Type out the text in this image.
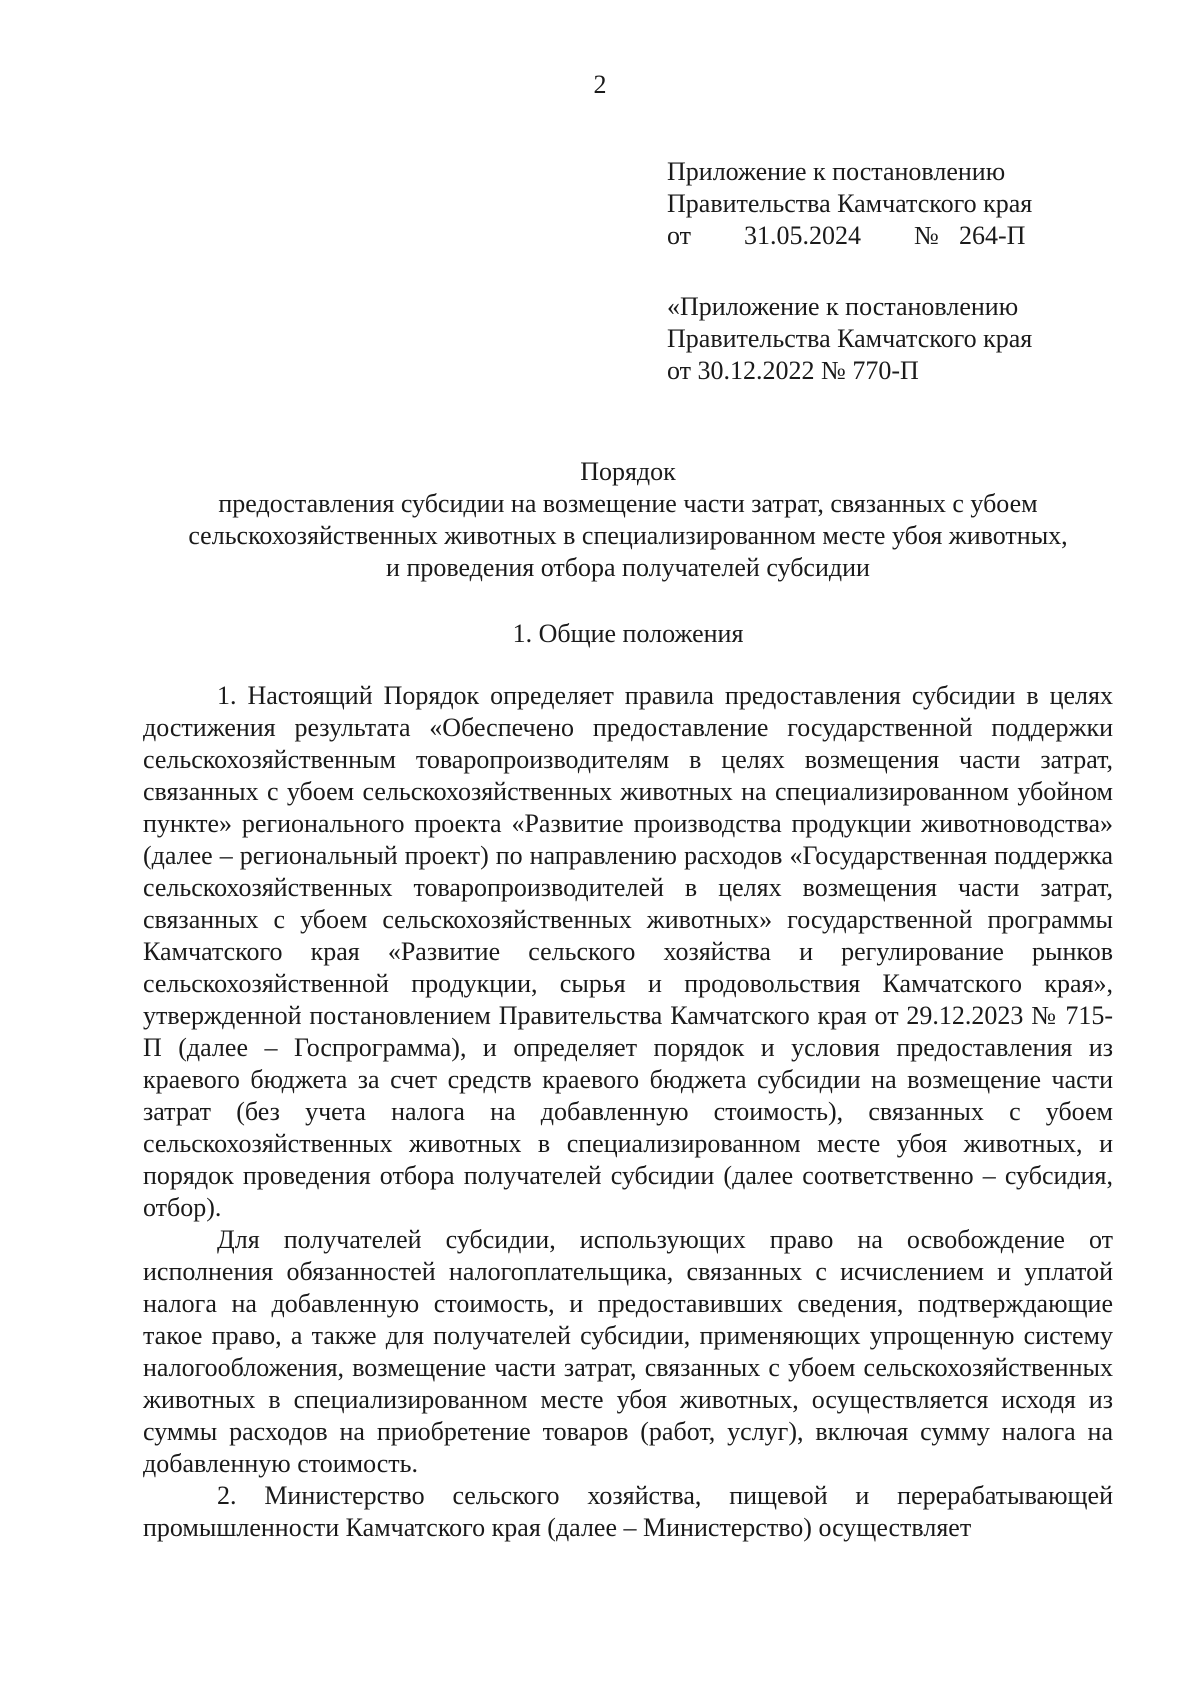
2
Приложение к постановлению
Правительства Камчатского края
от 31.05.2024 № 264-П
«Приложение к постановлению
Правительства Камчатского края
от 30.12.2022 № 770-П
Порядок
предоставления субсидии на возмещение части затрат, связанных с убоем
сельскохозяйственных животных в специализированном месте убоя животных,
и проведения отбора получателей субсидии
1. Общие положения

1. Настоящий Порядок определяет правила предоставления субсидии в целях достижения результата «Обеспечено предоставление государственной поддержки сельскохозяйственным товаропроизводителям в целях возмещения части затрат, связанных с убоем сельскохозяйственных животных на специализированном убойном пункте» регионального проекта «Развитие производства продукции животноводства» (далее – региональный проект) по направлению расходов «Государственная поддержка сельскохозяйственных товаропроизводителей в целях возмещения части затрат, связанных с убоем сельскохозяйственных животных» государственной программы Камчатского края «Развитие сельского хозяйства и регулирование рынков сельскохозяйственной продукции, сырья и продовольствия Камчатского края», утвержденной постановлением Правительства Камчатского края от 29.12.2023 № 715-П (далее – Госпрограмма), и определяет порядок и условия предоставления из краевого бюджета за счет средств краевого бюджета субсидии на возмещение части затрат (без учета налога на добавленную стоимость), связанных с убоем сельскохозяйственных животных в специализированном месте убоя животных, и порядок проведения отбора получателей субсидии (далее соответственно – субсидия, отбор).

Для получателей субсидии, использующих право на освобождение от исполнения обязанностей налогоплательщика, связанных с исчислением и уплатой налога на добавленную стоимость, и предоставивших сведения, подтверждающие такое право, а также для получателей субсидии, применяющих упрощенную систему налогообложения, возмещение части затрат, связанных с убоем сельскохозяйственных животных в специализированном месте убоя животных, осуществляется исходя из суммы расходов на приобретение товаров (работ, услуг), включая сумму налога на добавленную стоимость.

2. Министерство сельского хозяйства, пищевой и перерабатывающей промышленности Камчатского края (далее – Министерство) осуществляет
